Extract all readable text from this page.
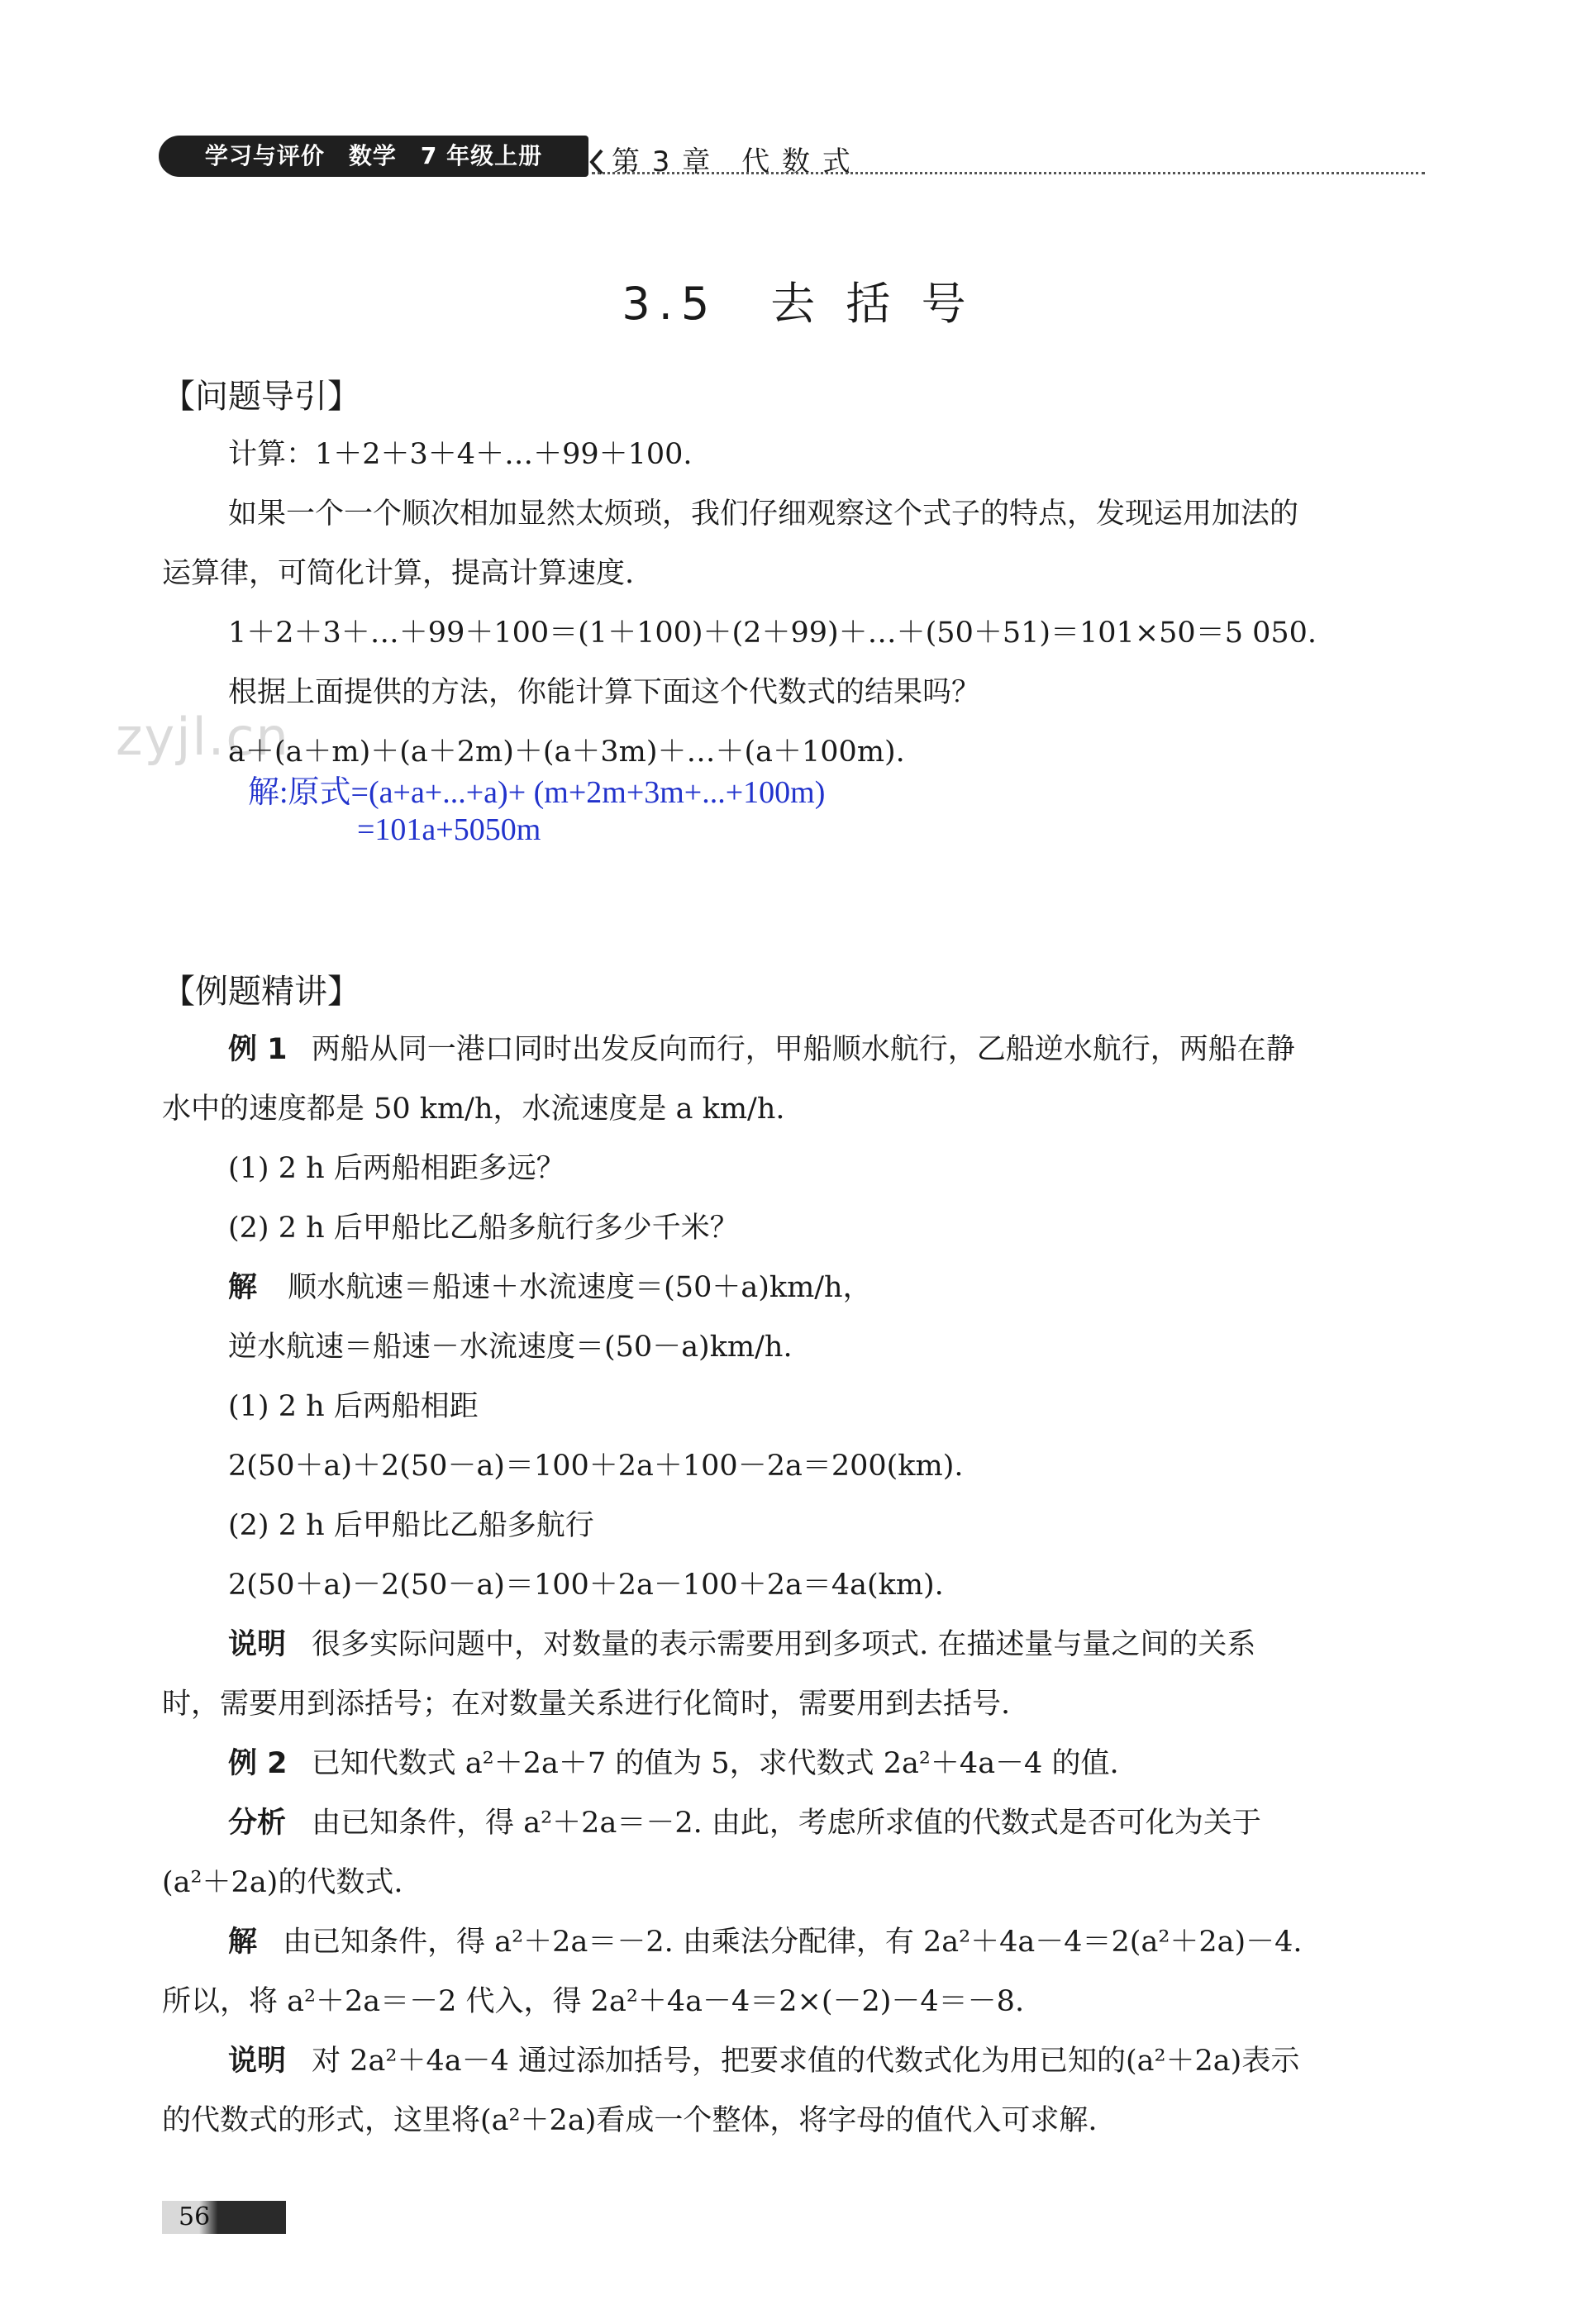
学习与评价　数学　7 年级上册 第 3 章　代 数 式
3.5　去 括 号
zyjl.cn
【问题导引】
计算：1＋2＋3＋4＋…＋99＋100.
如果一个一个顺次相加显然太烦琐，我们仔细观察这个式子的特点，发现运用加法的
运算律，可简化计算，提高计算速度.
1＋2＋3＋…＋99＋100＝(1＋100)＋(2＋99)＋…＋(50＋51)＝101×50＝5 050.
根据上面提供的方法，你能计算下面这个代数式的结果吗？
a＋(a＋m)＋(a＋2m)＋(a＋3m)＋…＋(a＋100m).
解:原式=(a+a+...+a)+ (m+2m+3m+...+100m)
=101a+5050m
【例题精讲】
例 1 两船从同一港口同时出发反向而行，甲船顺水航行，乙船逆水航行，两船在静
水中的速度都是 50 km/h，水流速度是 a km/h.
(1) 2 h 后两船相距多远？
(2) 2 h 后甲船比乙船多航行多少千米？
解 顺水航速＝船速＋水流速度＝(50＋a)km/h，
逆水航速＝船速－水流速度＝(50－a)km/h.
(1) 2 h 后两船相距
2(50＋a)＋2(50－a)＝100＋2a＋100－2a＝200(km).
(2) 2 h 后甲船比乙船多航行
2(50＋a)－2(50－a)＝100＋2a－100＋2a＝4a(km).
说明 很多实际问题中，对数量的表示需要用到多项式. 在描述量与量之间的关系
时，需要用到添括号；在对数量关系进行化简时，需要用到去括号.
例 2 已知代数式 a²＋2a＋7 的值为 5，求代数式 2a²＋4a－4 的值.
分析 由已知条件，得 a²＋2a＝－2. 由此，考虑所求值的代数式是否可化为关于
(a²＋2a)的代数式.
解 由已知条件，得 a²＋2a＝－2. 由乘法分配律，有 2a²＋4a－4＝2(a²＋2a)－4.
所以，将 a²＋2a＝－2 代入，得 2a²＋4a－4＝2×(－2)－4＝－8.
说明 对 2a²＋4a－4 通过添加括号，把要求值的代数式化为用已知的(a²＋2a)表示
的代数式的形式，这里将(a²＋2a)看成一个整体，将字母的值代入可求解.
56
